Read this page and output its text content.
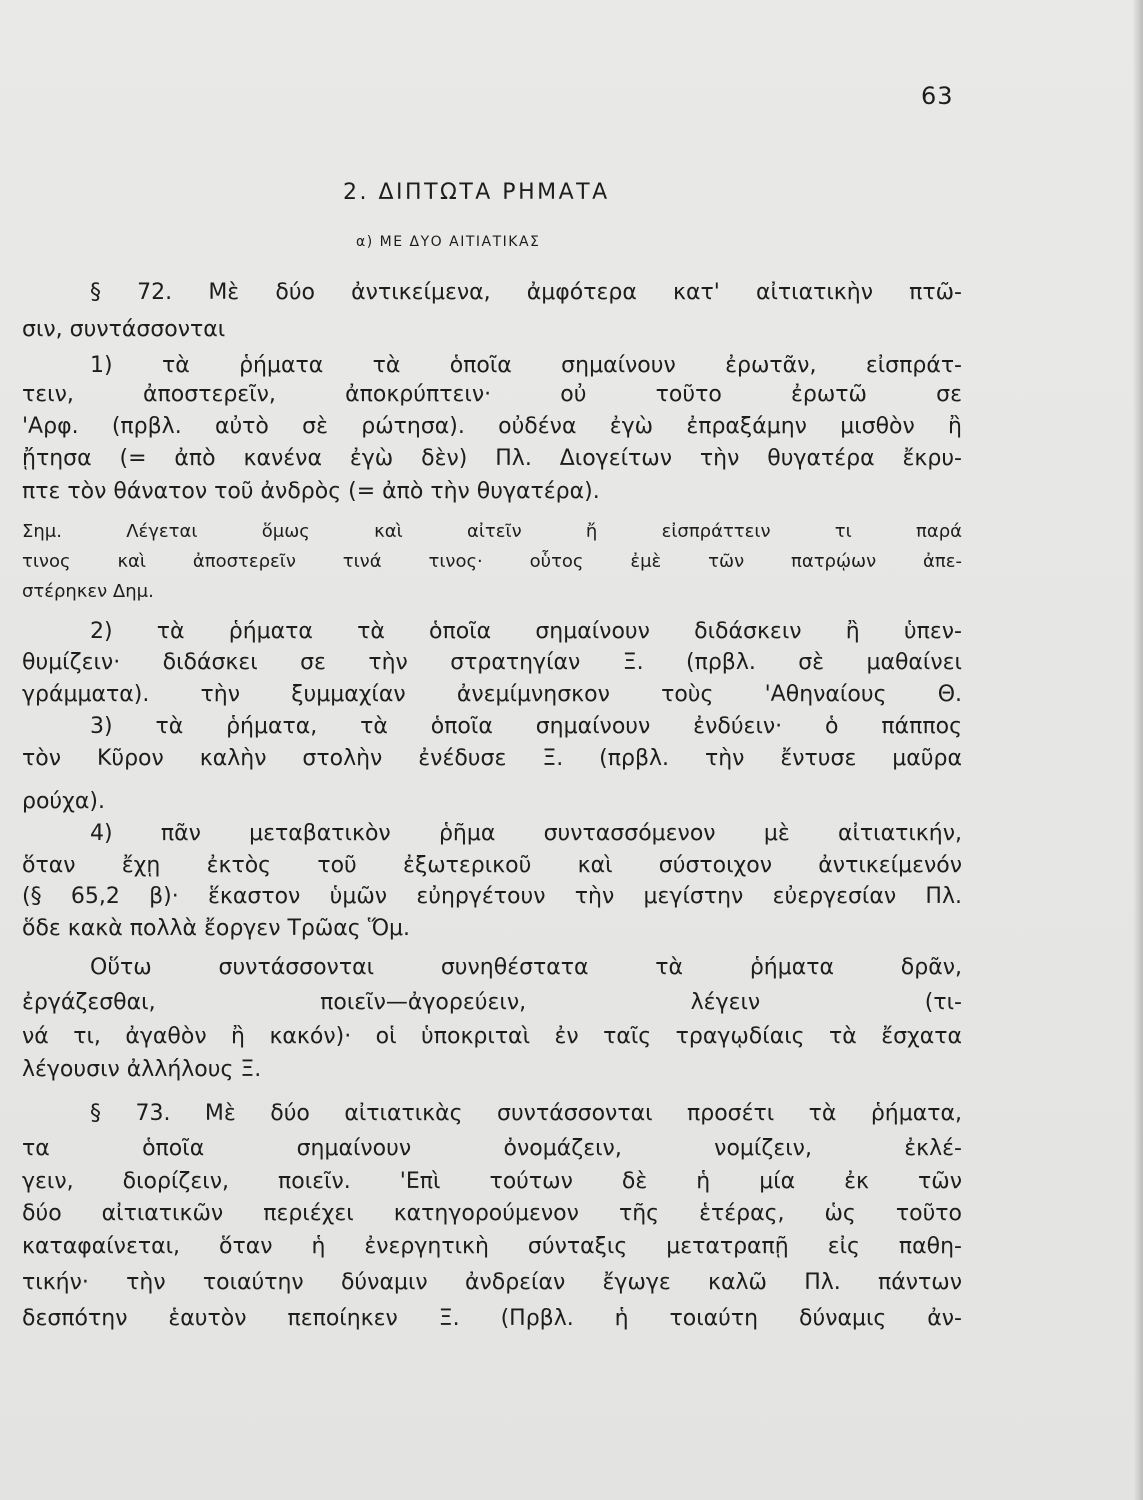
63
2. ΔΙΠΤΩΤΑ ΡΗΜΑΤΑ
α) ΜΕ ΔΥΟ ΑΙΤΙΑΤΙΚΑΣ
§ 72. Μὲ δύο ἀντικείμενα, ἀμφότερα κατ' αἰτιατικὴν πτῶ-
σιν, συντάσσονται
1) τὰ ῥήματα τὰ ὁποῖα σημαίνουν ἐρωτᾶν, εἰσπράτ-
τειν, ἀποστερεῖν, ἀποκρύπτειν· οὐ τοῦτο ἐρωτῶ σε
'Αρφ. (πρβλ. αὐτὸ σὲ ρώτησα). οὐδένα ἐγὼ ἐπραξάμην μισθὸν ἢ
ᾔτησα (= ἀπὸ κανένα ἐγὼ δὲν) Πλ. Διογείτων τὴν θυγατέρα ἔκρυ-
πτε τὸν θάνατον τοῦ ἀνδρὸς (= ἀπὸ τὴν θυγατέρα).
Σημ. Λέγεται ὅμως καὶ αἰτεῖν ἤ εἰσπράττειν τι παρά
τινος καὶ ἀποστερεῖν τινά τινος· οὗτος ἐμὲ τῶν πατρῴων ἀπε-
στέρηκεν Δημ.
2) τὰ ῥήματα τὰ ὁποῖα σημαίνουν διδάσκειν ἢ ὑπεν-
θυμίζειν· διδάσκει σε τὴν στρατηγίαν Ξ. (πρβλ. σὲ μαθαίνει
γράμματα). τὴν ξυμμαχίαν ἀνεμίμνησκον τοὺς 'Αθηναίους Θ.
3) τὰ ῥήματα, τὰ ὁποῖα σημαίνουν ἐνδύειν· ὁ πάππος
τὸν Κῦρον καλὴν στολὴν ἐνέδυσε Ξ. (πρβλ. τὴν ἔντυσε μαῦρα
ρούχα).
4) πᾶν μεταβατικὸν ῥῆμα συντασσόμενον μὲ αἰτιατικήν,
ὅταν ἔχῃ ἐκτὸς τοῦ ἐξωτερικοῦ καὶ σύστοιχον ἀντικείμενόν
(§ 65,2 β)· ἕκαστον ὑμῶν εὐηργέτουν τὴν μεγίστην εὐεργεσίαν Πλ.
ὅδε κακὰ πολλὰ ἔοργεν Τρῶας Ὅμ.
Οὕτω συντάσσονται συνηθέστατα τὰ ῥήματα δρᾶν,
ἐργάζεσθαι, ποιεῖν—ἀγορεύειν, λέγειν (τι-
νά τι, ἀγαθὸν ἢ κακόν)· οἱ ὑποκριταὶ ἐν ταῖς τραγῳδίαις τὰ ἔσχατα
λέγουσιν ἀλλήλους Ξ.
§ 73. Μὲ δύο αἰτιατικὰς συντάσσονται προσέτι τὰ ῥήματα,
τα ὁποῖα σημαίνουν ὀνομάζειν, νομίζειν, ἐκλέ-
γειν, διορίζειν, ποιεῖν. 'Επὶ τούτων δὲ ἡ μία ἐκ τῶν
δύο αἰτιατικῶν περιέχει κατηγορούμενον τῆς ἑτέρας, ὡς τοῦτο
καταφαίνεται, ὅταν ἡ ἐνεργητικὴ σύνταξις μετατραπῇ εἰς παθη-
τικήν· τὴν τοιαύτην δύναμιν ἀνδρείαν ἔγωγε καλῶ Πλ. πάντων
δεσπότην ἑαυτὸν πεποίηκεν Ξ. (Πρβλ. ἡ τοιαύτη δύναμις ἀν-
